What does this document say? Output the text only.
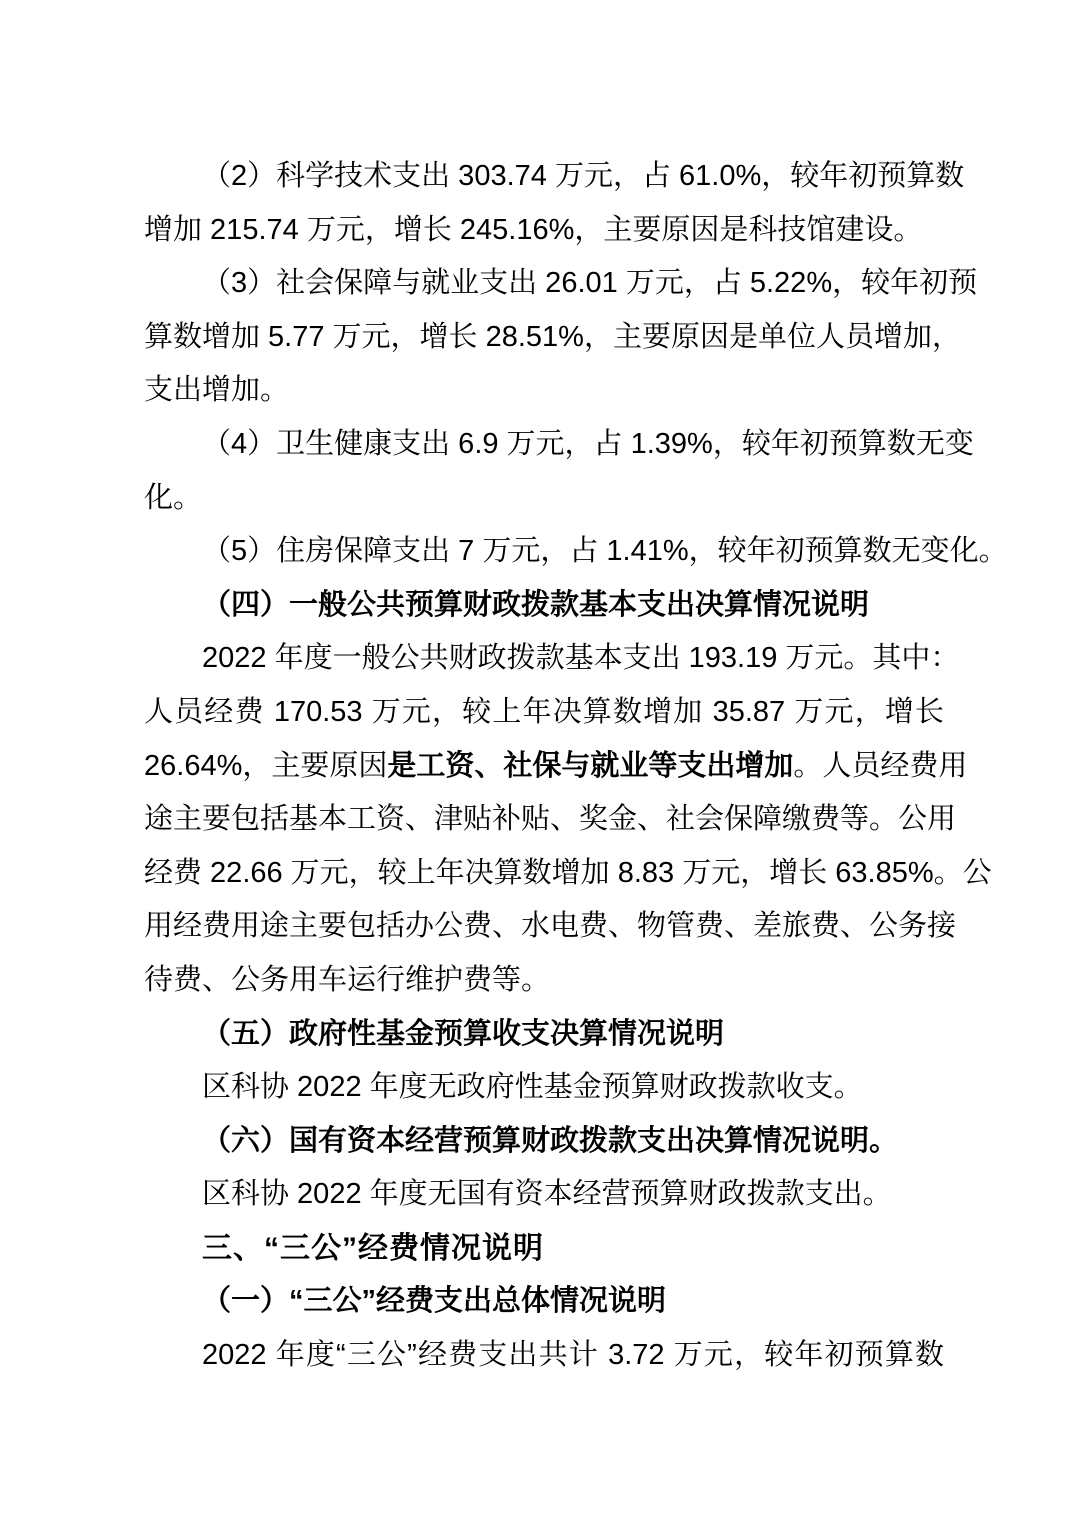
（2）科学技术支出 303.74 万元，占 61.0%，较年初预算数
增加 215.74 万元，增长 245.16%，主要原因是科技馆建设。
（3）社会保障与就业支出 26.01 万元，占 5.22%，较年初预
算数增加 5.77 万元，增长 28.51%，主要原因是单位人员增加，
支出增加。
（4）卫生健康支出 6.9 万元，占 1.39%，较年初预算数无变
化。
（5）住房保障支出 7 万元，占 1.41%，较年初预算数无变化。
（四）一般公共预算财政拨款基本支出决算情况说明
2022 年度一般公共财政拨款基本支出 193.19 万元。其中：
人员经费 170.53 万元，较上年决算数增加 35.87 万元，增长
26.64%，主要原因是工资、社保与就业等支出增加。人员经费用
途主要包括基本工资、津贴补贴、奖金、社会保障缴费等。公用
经费 22.66 万元，较上年决算数增加 8.83 万元，增长 63.85%。公
用经费用途主要包括办公费、水电费、物管费、差旅费、公务接
待费、公务用车运行维护费等。
（五）政府性基金预算收支决算情况说明
区科协 2022 年度无政府性基金预算财政拨款收支。
（六）国有资本经营预算财政拨款支出决算情况说明。
区科协 2022 年度无国有资本经营预算财政拨款支出。
三、“三公”经费情况说明
（一）“三公”经费支出总体情况说明
2022 年度“三公”经费支出共计 3.72 万元，较年初预算数
